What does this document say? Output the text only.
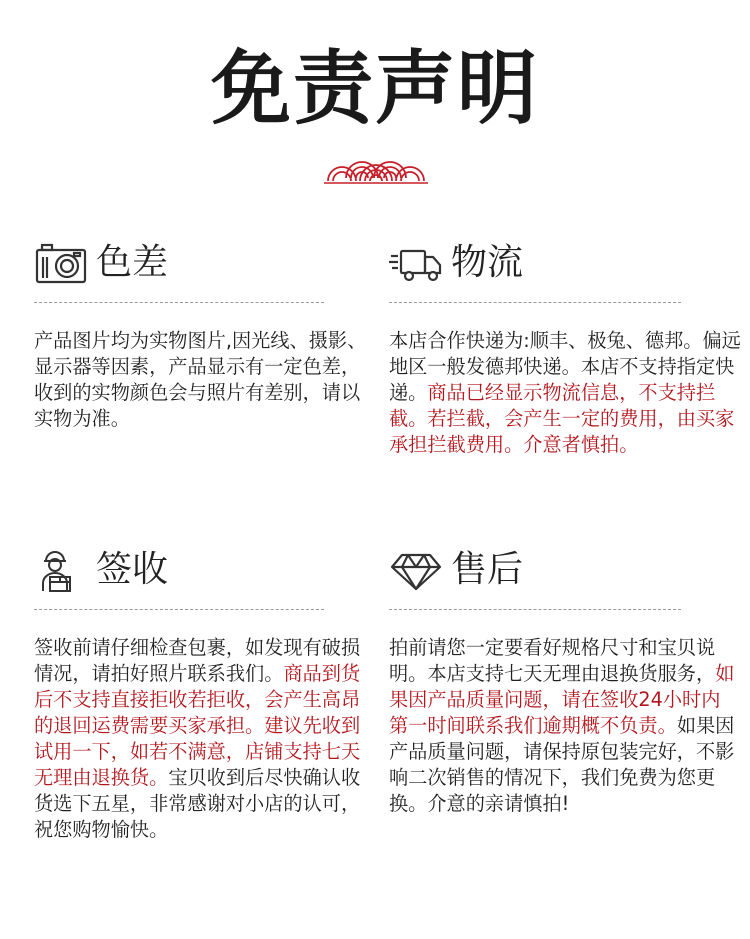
免责声明
色差

产品图片均为实物图片,因光线、摄影、显示器等因素，产品显示有一定色差，收到的实物颜色会与照片有差别，请以实物为准。

物流

本店合作快递为:顺丰、极兔、德邦。偏远地区一般发德邦快递。本店不支持指定快递。商品已经显示物流信息，不支持拦截。若拦截，会产生一定的费用，由买家承担拦截费用。介意者慎拍。

签收

签收前请仔细检查包裹，如发现有破损情况，请拍好照片联系我们。商品到货后不支持直接拒收若拒收，会产生高昂的退回运费需要买家承担。建议先收到试用一下，如若不满意，店铺支持七天无理由退换货。宝贝收到后尽快确认收货选下五星，非常感谢对小店的认可，祝您购物愉快。

售后

拍前请您一定要看好规格尺寸和宝贝说明。本店支持七天无理由退换货服务，如果因产品质量问题，请在签收24小时内第一时间联系我们逾期概不负责。如果因产品质量问题，请保持原包装完好，不影响二次销售的情况下，我们免费为您更换。介意的亲请慎拍!
